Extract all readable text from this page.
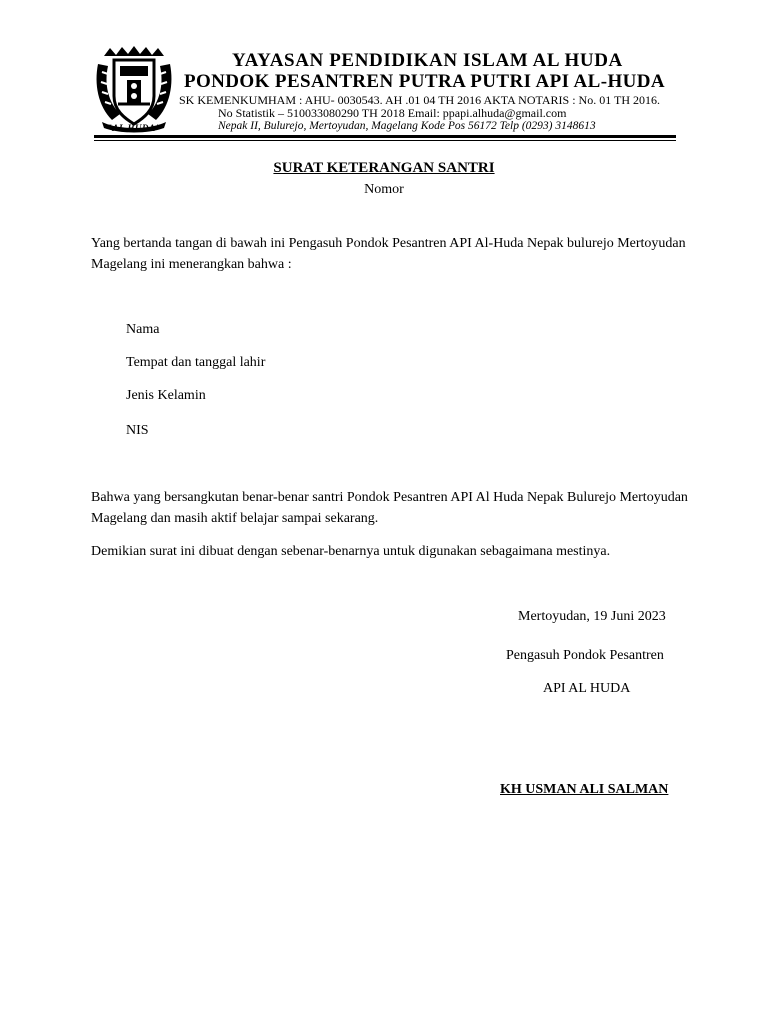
"AL HUDA"
YAYASAN PENDIDIKAN ISLAM AL HUDA
PONDOK PESANTREN PUTRA PUTRI API AL-HUDA
SK KEMENKUMHAM : AHU- 0030543. AH .01 04 TH 2016 AKTA NOTARIS : No. 01 TH 2016.
No Statistik – 510033080290 TH 2018 Email: ppapi.alhuda@gmail.com
Nepak II, Bulurejo, Mertoyudan, Magelang Kode Pos 56172 Telp (0293) 3148613
SURAT KETERANGAN SANTRI
Nomor
Yang bertanda tangan di bawah ini Pengasuh Pondok Pesantren API Al-Huda Nepak bulurejo Mertoyudan Magelang ini menerangkan bahwa :
Nama
Tempat dan tanggal lahir
Jenis Kelamin
NIS
Bahwa yang bersangkutan benar-benar santri Pondok Pesantren API Al Huda Nepak Bulurejo Mertoyudan Magelang dan masih aktif belajar sampai sekarang.
Demikian surat ini dibuat dengan sebenar-benarnya untuk digunakan sebagaimana mestinya.
Mertoyudan, 19 Juni 2023
Pengasuh Pondok Pesantren
API AL HUDA
KH USMAN ALI SALMAN
